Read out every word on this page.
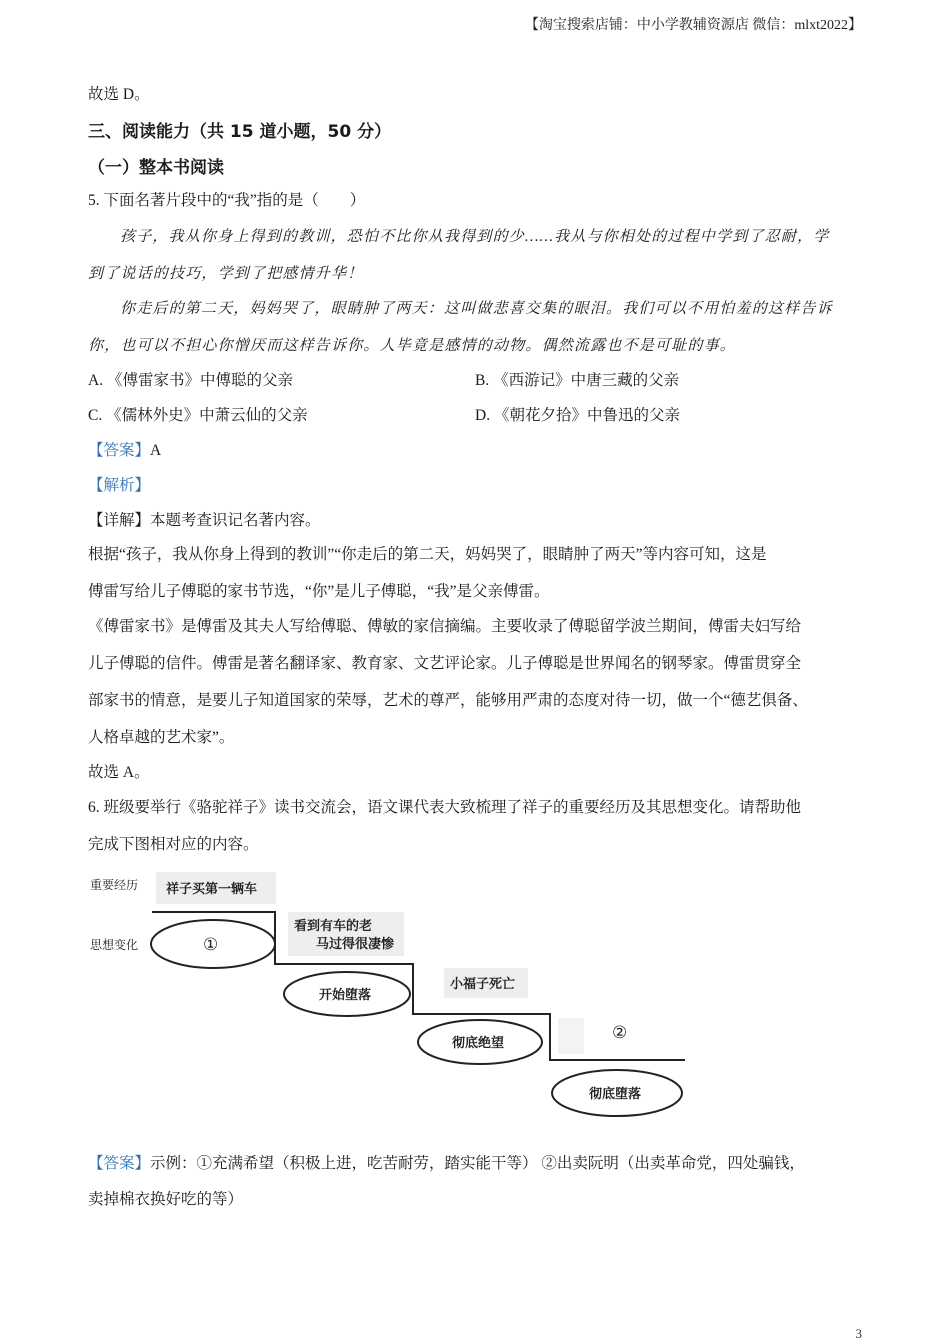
【淘宝搜索店铺：中小学教辅资源店 微信：mlxt2022】
故选 D。
三、阅读能力（共 15 道小题，50 分）
（一）整本书阅读
5. 下面名著片段中的“我”指的是（　　）
孩子，我从你身上得到的教训，恐怕不比你从我得到的少……我从与你相处的过程中学到了忍耐，学
到了说话的技巧，学到了把感情升华！
你走后的第二天，妈妈哭了，眼睛肿了两天：这叫做悲喜交集的眼泪。我们可以不用怕羞的这样告诉
你，也可以不担心你憎厌而这样告诉你。人毕竟是感情的动物。偶然流露也不是可耻的事。
A. 《傅雷家书》中傅聪的父亲	B. 《西游记》中唐三藏的父亲
C. 《儒林外史》中萧云仙的父亲	D. 《朝花夕拾》中鲁迅的父亲
【答案】A
【解析】
【详解】本题考查识记名著内容。
根据“孩子，我从你身上得到的教训”“你走后的第二天，妈妈哭了，眼睛肿了两天”等内容可知，这是
傅雷写给儿子傅聪的家书节选，“你”是儿子傅聪，“我”是父亲傅雷。
《傅雷家书》是傅雷及其夫人写给傅聪、傅敏的家信摘编。主要收录了傅聪留学波兰期间，傅雷夫妇写给
儿子傅聪的信件。傅雷是著名翻译家、教育家、文艺评论家。儿子傅聪是世界闻名的钢琴家。傅雷贯穿全
部家书的情意，是要儿子知道国家的荣辱，艺术的尊严，能够用严肃的态度对待一切，做一个“德艺俱备、
人格卓越的艺术家”。
故选 A。
6. 班级要举行《骆驼祥子》读书交流会，语文课代表大致梳理了祥子的重要经历及其思想变化。请帮助他
完成下图相对应的内容。
重要经历
思想变化
祥子买第一辆车
看到有车的老 马过得很凄惨
小福子死亡
②
①
开始堕落
彻底绝望
彻底堕落
【答案】示例：①充满希望（积极上进，吃苦耐劳，踏实能干等） ②出卖阮明（出卖革命党，四处骗钱，
卖掉棉衣换好吃的等）
3
